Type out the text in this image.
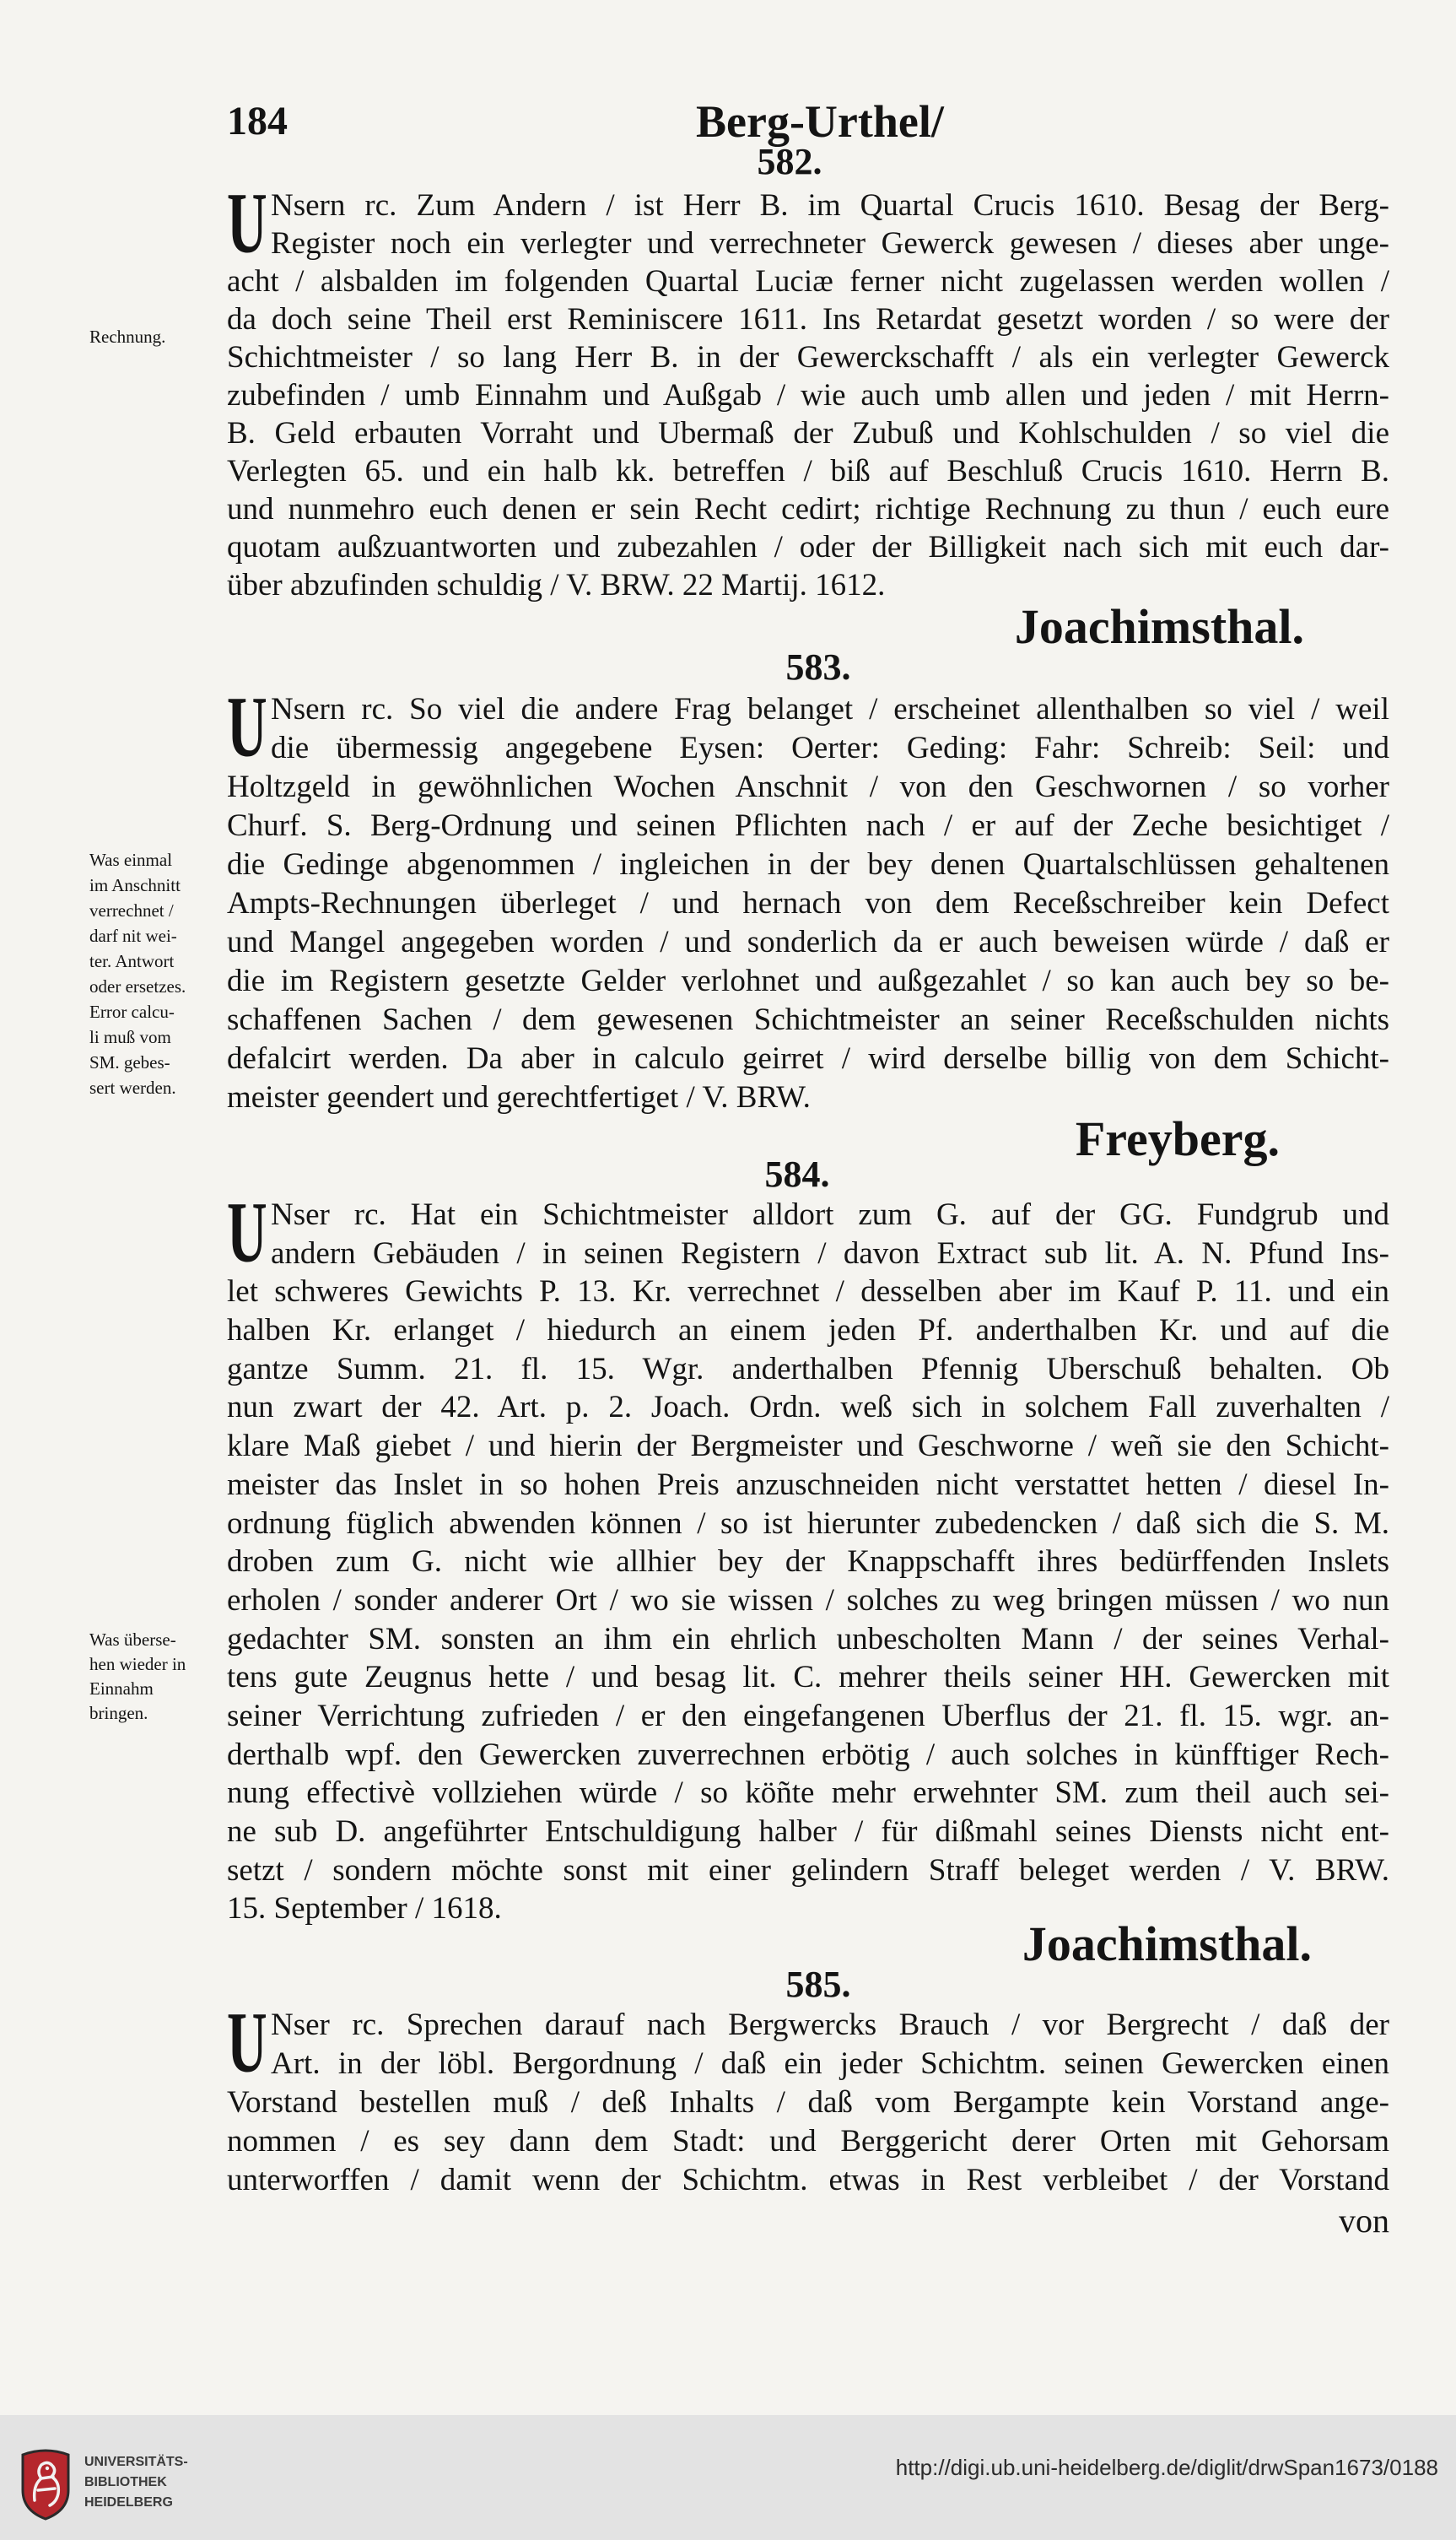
184	Berg-Urthel/
582.
U Nsern rc. Zum Andern / ist Herr B. im Quartal Crucis 1610. Besag der Berg-
Register noch ein verlegter und verrechneter Gewerck gewesen / dieses aber unge-
acht / alsbalden im folgenden Quartal Luciæ ferner nicht zugelassen werden wollen /
da doch seine Theil erst Reminiscere 1611. Ins Retardat gesetzt worden / so were der
Schichtmeister / so lang Herr B. in der Gewerckschafft / als ein verlegter Gewerck
zubefinden / umb Einnahm und Außgab / wie auch umb allen und jeden / mit Herrn-
B. Geld erbauten Vorraht und Ubermaß der Zubuß und Kohlschulden / so viel die
Verlegten 65. und ein halb kk. betreffen / biß auf Beschluß Crucis 1610. Herrn B.
und nunmehro euch denen er sein Recht cedirt; richtige Rechnung zu thun / euch eure
quotam außzuantworten und zubezahlen / oder der Billigkeit nach sich mit euch dar-
über abzufinden schuldig / V. BRW. 22 Martij. 1612.
Rechnung.
Joachimsthal.
583.
U Nsern rc. So viel die andere Frag belanget / erscheinet allenthalben so viel / weil
die übermessig angegebene Eysen: Oerter: Geding: Fahr: Schreib: Seil: und
Holtzgeld in gewöhnlichen Wochen Anschnit / von den Geschwornen / so vorher
Churf. S. Berg-Ordnung und seinen Pflichten nach / er auf der Zeche besichtiget /
die Gedinge abgenommen / ingleichen in der bey denen Quartalschlüssen gehaltenen
Ampts-Rechnungen überleget / und hernach von dem Receßschreiber kein Defect
und Mangel angegeben worden / und sonderlich da er auch beweisen würde / daß er
die im Registern gesetzte Gelder verlohnet und außgezahlet / so kan auch bey so be-
schaffenen Sachen / dem gewesenen Schichtmeister an seiner Receßschulden nichts
defalcirt werden. Da aber in calculo geirret / wird derselbe billig von dem Schicht-
meister geendert und gerechtfertiget / V. BRW.
Was einmal
im Anschnitt
verrechnet /
darf nit wei-
ter. Antwort
oder ersetzes.
Error calcu-
li muß vom
SM. gebes-
sert werden.
Freyberg.
584.
U Nser rc. Hat ein Schichtmeister alldort zum G. auf der GG. Fundgrub und
andern Gebäuden / in seinen Registern / davon Extract sub lit. A. N. Pfund Ins-
let schweres Gewichts P. 13. Kr. verrechnet / desselben aber im Kauf P. 11. und ein
halben Kr. erlanget / hiedurch an einem jeden Pf. anderthalben Kr. und auf die
gantze Summ. 21. fl. 15. Wgr. anderthalben Pfennig Uberschuß behalten. Ob
nun zwart der 42. Art. p. 2. Joach. Ordn. weß sich in solchem Fall zuverhalten /
klare Maß giebet / und hierin der Bergmeister und Geschworne / weñ sie den Schicht-
meister das Inslet in so hohen Preis anzuschneiden nicht verstattet hetten / diesel In-
ordnung füglich abwenden können / so ist hierunter zubedencken / daß sich die S. M.
droben zum G. nicht wie allhier bey der Knappschafft ihres bedürffenden Inslets
erholen / sonder anderer Ort / wo sie wissen / solches zu weg bringen müssen / wo nun
gedachter SM. sonsten an ihm ein ehrlich unbescholten Mann / der seines Verhal-
tens gute Zeugnus hette / und besag lit. C. mehrer theils seiner HH. Gewercken mit
seiner Verrichtung zufrieden / er den eingefangenen Uberflus der 21. fl. 15. wgr. an-
derthalb wpf. den Gewercken zuverrechnen erbötig / auch solches in künfftiger Rech-
nung effectivè vollziehen würde / so köñte mehr erwehnter SM. zum theil auch sei-
ne sub D. angeführter Entschuldigung halber / für dißmahl seines Diensts nicht ent-
setzt / sondern möchte sonst mit einer gelindern Straff beleget werden / V. BRW.
15. September / 1618.
Was überse-
hen wieder in
Einnahm
bringen.
Joachimsthal.
585.
U Nser rc. Sprechen darauf nach Bergwercks Brauch / vor Bergrecht / daß der
Art. in der löbl. Bergordnung / daß ein jeder Schichtm. seinen Gewercken einen
Vorstand bestellen muß / deß Inhalts / daß vom Bergampte kein Vorstand ange-
nommen / es sey dann dem Stadt: und Berggericht derer Orten mit Gehorsam
unterworffen / damit wenn der Schichtm. etwas in Rest verbleibet / der Vorstand
von
UNIVERSITÄTS-
BIBLIOTHEK
HEIDELBERG
http://digi.ub.uni-heidelberg.de/diglit/drwSpan1673/0188
